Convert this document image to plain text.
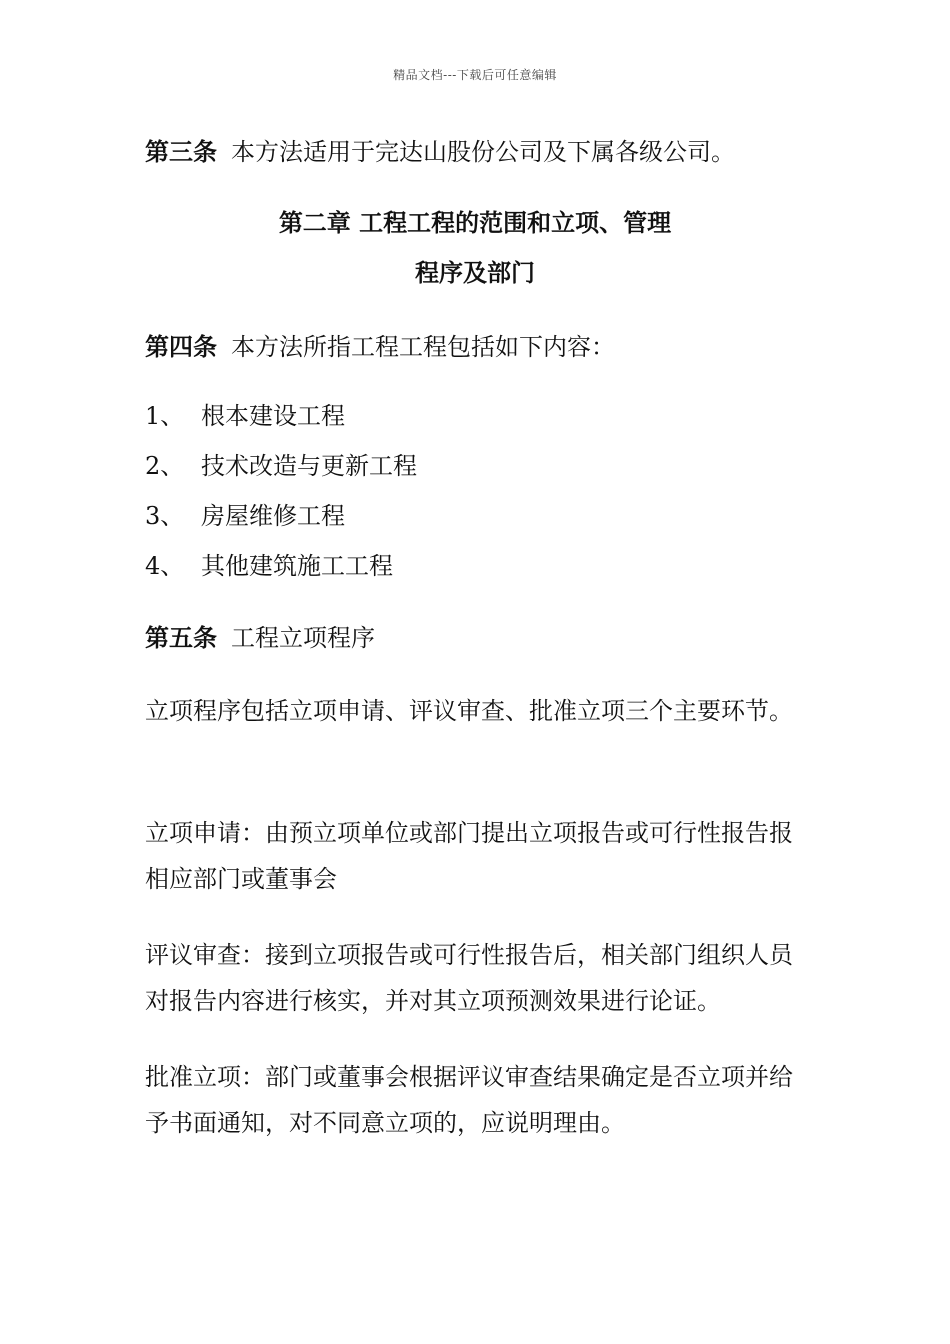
精品文档---下载后可任意编辑
第三条 本方法适用于完达山股份公司及下属各级公司。
第二章 工程工程的范围和立项、管理
程序及部门
第四条 本方法所指工程工程包括如下内容：
1、 根本建设工程
2、 技术改造与更新工程
3、 房屋维修工程
4、 其他建筑施工工程
第五条 工程立项程序
立项程序包括立项申请、评议审查、批准立项三个主要环节。
立项申请：由预立项单位或部门提出立项报告或可行性报告报相应部门或董事会
评议审查：接到立项报告或可行性报告后，相关部门组织人员对报告内容进行核实，并对其立项预测效果进行论证。
批准立项：部门或董事会根据评议审查结果确定是否立项并给予书面通知，对不同意立项的，应说明理由。
